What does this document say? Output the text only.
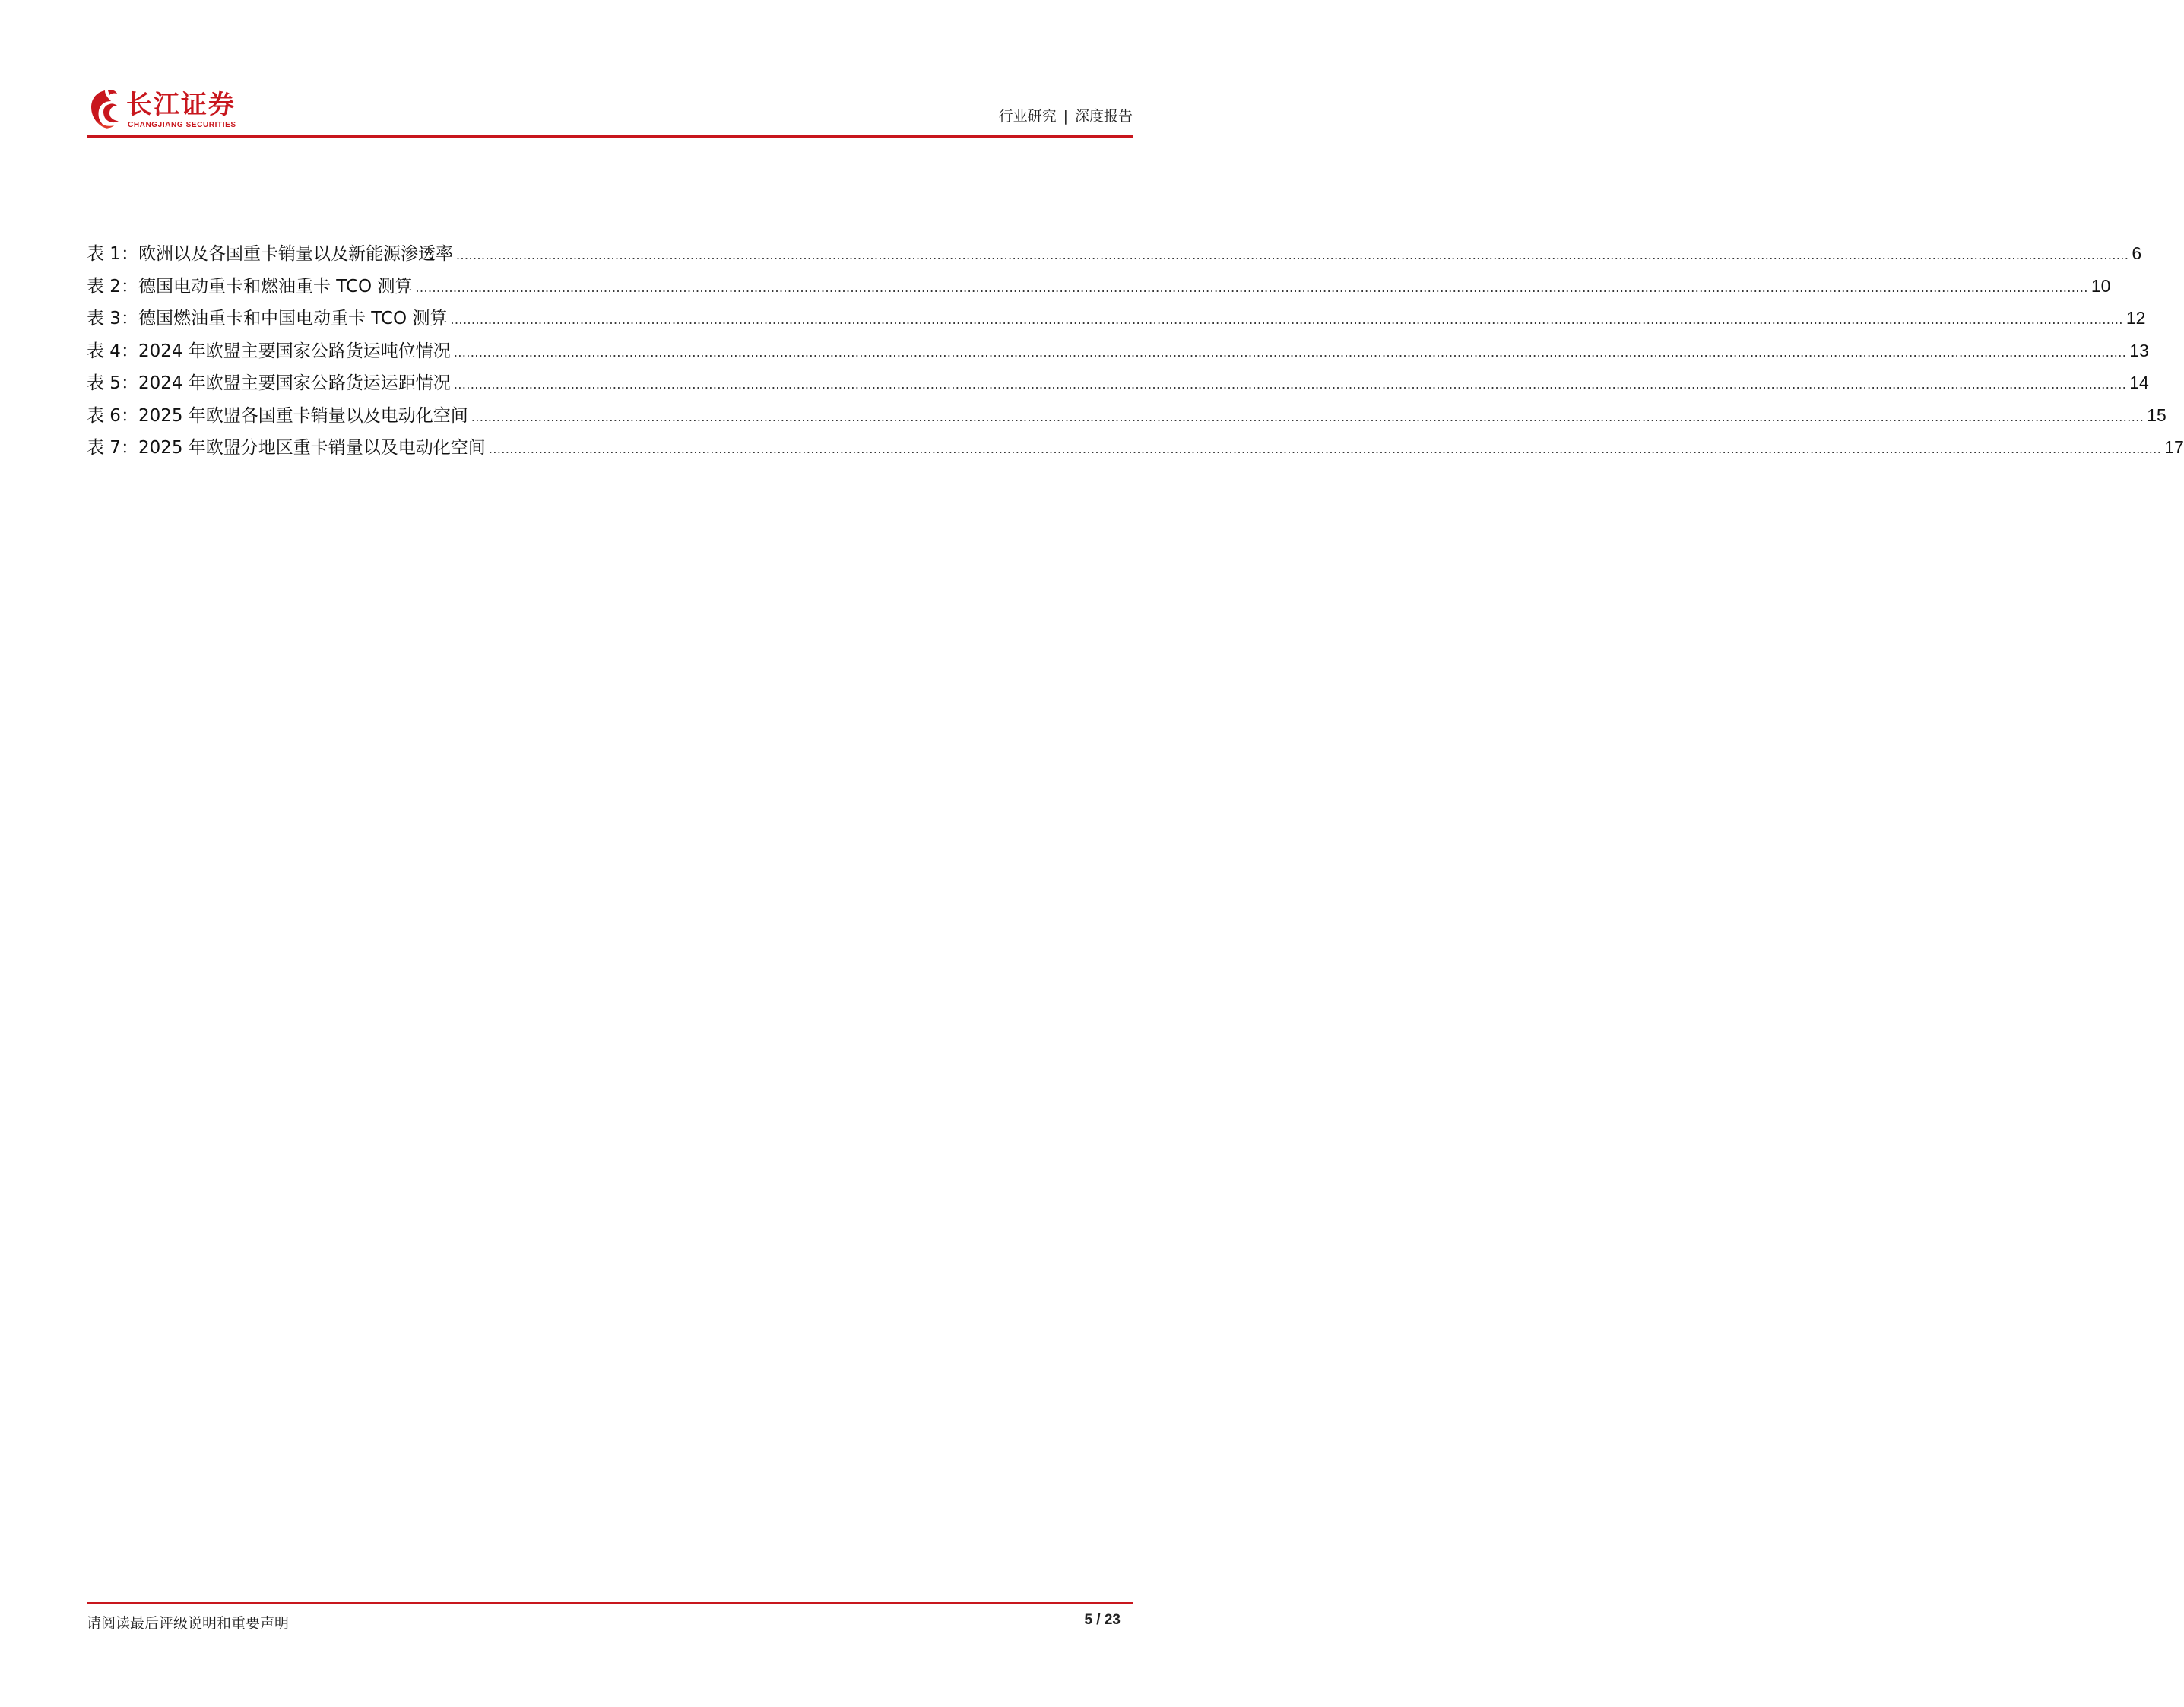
长江证券
CHANGJIANG SECURITIES
行业研究 | 深度报告
表 1： 欧洲以及各国重卡销量以及新能源渗透率 ................................................................................................................................................................................................................................................................................................................................................................................................................ 6
表 2： 德国电动重卡和燃油重卡 TCO 测算 ................................................................................................................................................................................................................................................................................................................................................................................................................ 10
表 3： 德国燃油重卡和中国电动重卡 TCO 测算 ................................................................................................................................................................................................................................................................................................................................................................................................................ 12
表 4： 2024 年欧盟主要国家公路货运吨位情况 ................................................................................................................................................................................................................................................................................................................................................................................................................ 13
表 5： 2024 年欧盟主要国家公路货运运距情况 ................................................................................................................................................................................................................................................................................................................................................................................................................ 14
表 6： 2025 年欧盟各国重卡销量以及电动化空间 ................................................................................................................................................................................................................................................................................................................................................................................................................ 15
表 7： 2025 年欧盟分地区重卡销量以及电动化空间 ................................................................................................................................................................................................................................................................................................................................................................................................................ 17
请阅读最后评级说明和重要声明	5 / 23
